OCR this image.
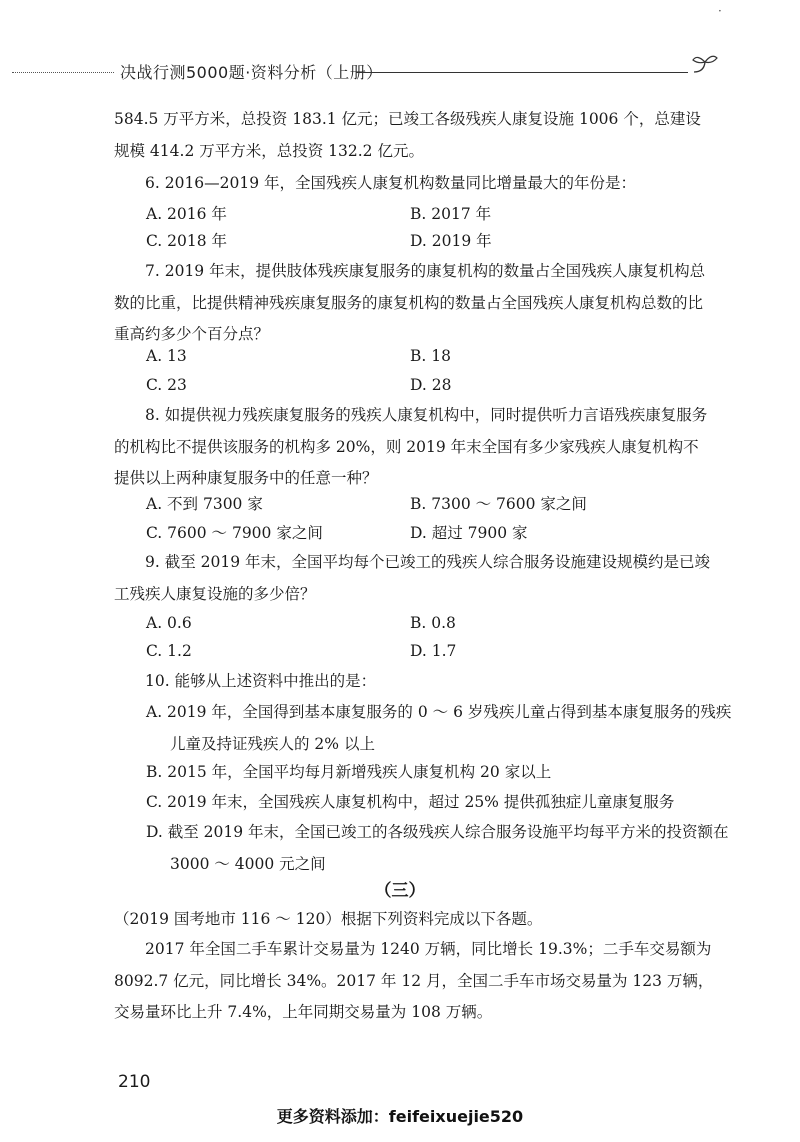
·
决战行测5000题·资料分析（上册）
584.5 万平方米，总投资 183.1 亿元；已竣工各级残疾人康复设施 1006 个，总建设规模 414.2 万平方米，总投资 132.2 亿元。
6. 2016—2019 年，全国残疾人康复机构数量同比增量最大的年份是：
A. 2016 年	B. 2017 年
C. 2018 年	D. 2019 年
7. 2019 年末，提供肢体残疾康复服务的康复机构的数量占全国残疾人康复机构总数的比重，比提供精神残疾康复服务的康复机构的数量占全国残疾人康复机构总数的比重高约多少个百分点？
A. 13	B. 18
C. 23	D. 28
8. 如提供视力残疾康复服务的残疾人康复机构中，同时提供听力言语残疾康复服务的机构比不提供该服务的机构多 20%，则 2019 年末全国有多少家残疾人康复机构不提供以上两种康复服务中的任意一种？
A. 不到 7300 家	B. 7300 ～ 7600 家之间
C. 7600 ～ 7900 家之间	D. 超过 7900 家
9. 截至 2019 年末，全国平均每个已竣工的残疾人综合服务设施建设规模约是已竣工残疾人康复设施的多少倍？
A. 0.6	B. 0.8
C. 1.2	D. 1.7
10. 能够从上述资料中推出的是：
A. 2019 年，全国得到基本康复服务的 0 ～ 6 岁残疾儿童占得到基本康复服务的残疾儿童及持证残疾人的 2% 以上
B. 2015 年，全国平均每月新增残疾人康复机构 20 家以上
C. 2019 年末，全国残疾人康复机构中，超过 25% 提供孤独症儿童康复服务
D. 截至 2019 年末，全国已竣工的各级残疾人综合服务设施平均每平方米的投资额在 3000 ～ 4000 元之间
（三）
（2019 国考地市 116 ～ 120）根据下列资料完成以下各题。
2017 年全国二手车累计交易量为 1240 万辆，同比增长 19.3%；二手车交易额为 8092.7 亿元，同比增长 34%。2017 年 12 月，全国二手车市场交易量为 123 万辆，交易量环比上升 7.4%，上年同期交易量为 108 万辆。
210
更多资料添加：feifeixuejie520
